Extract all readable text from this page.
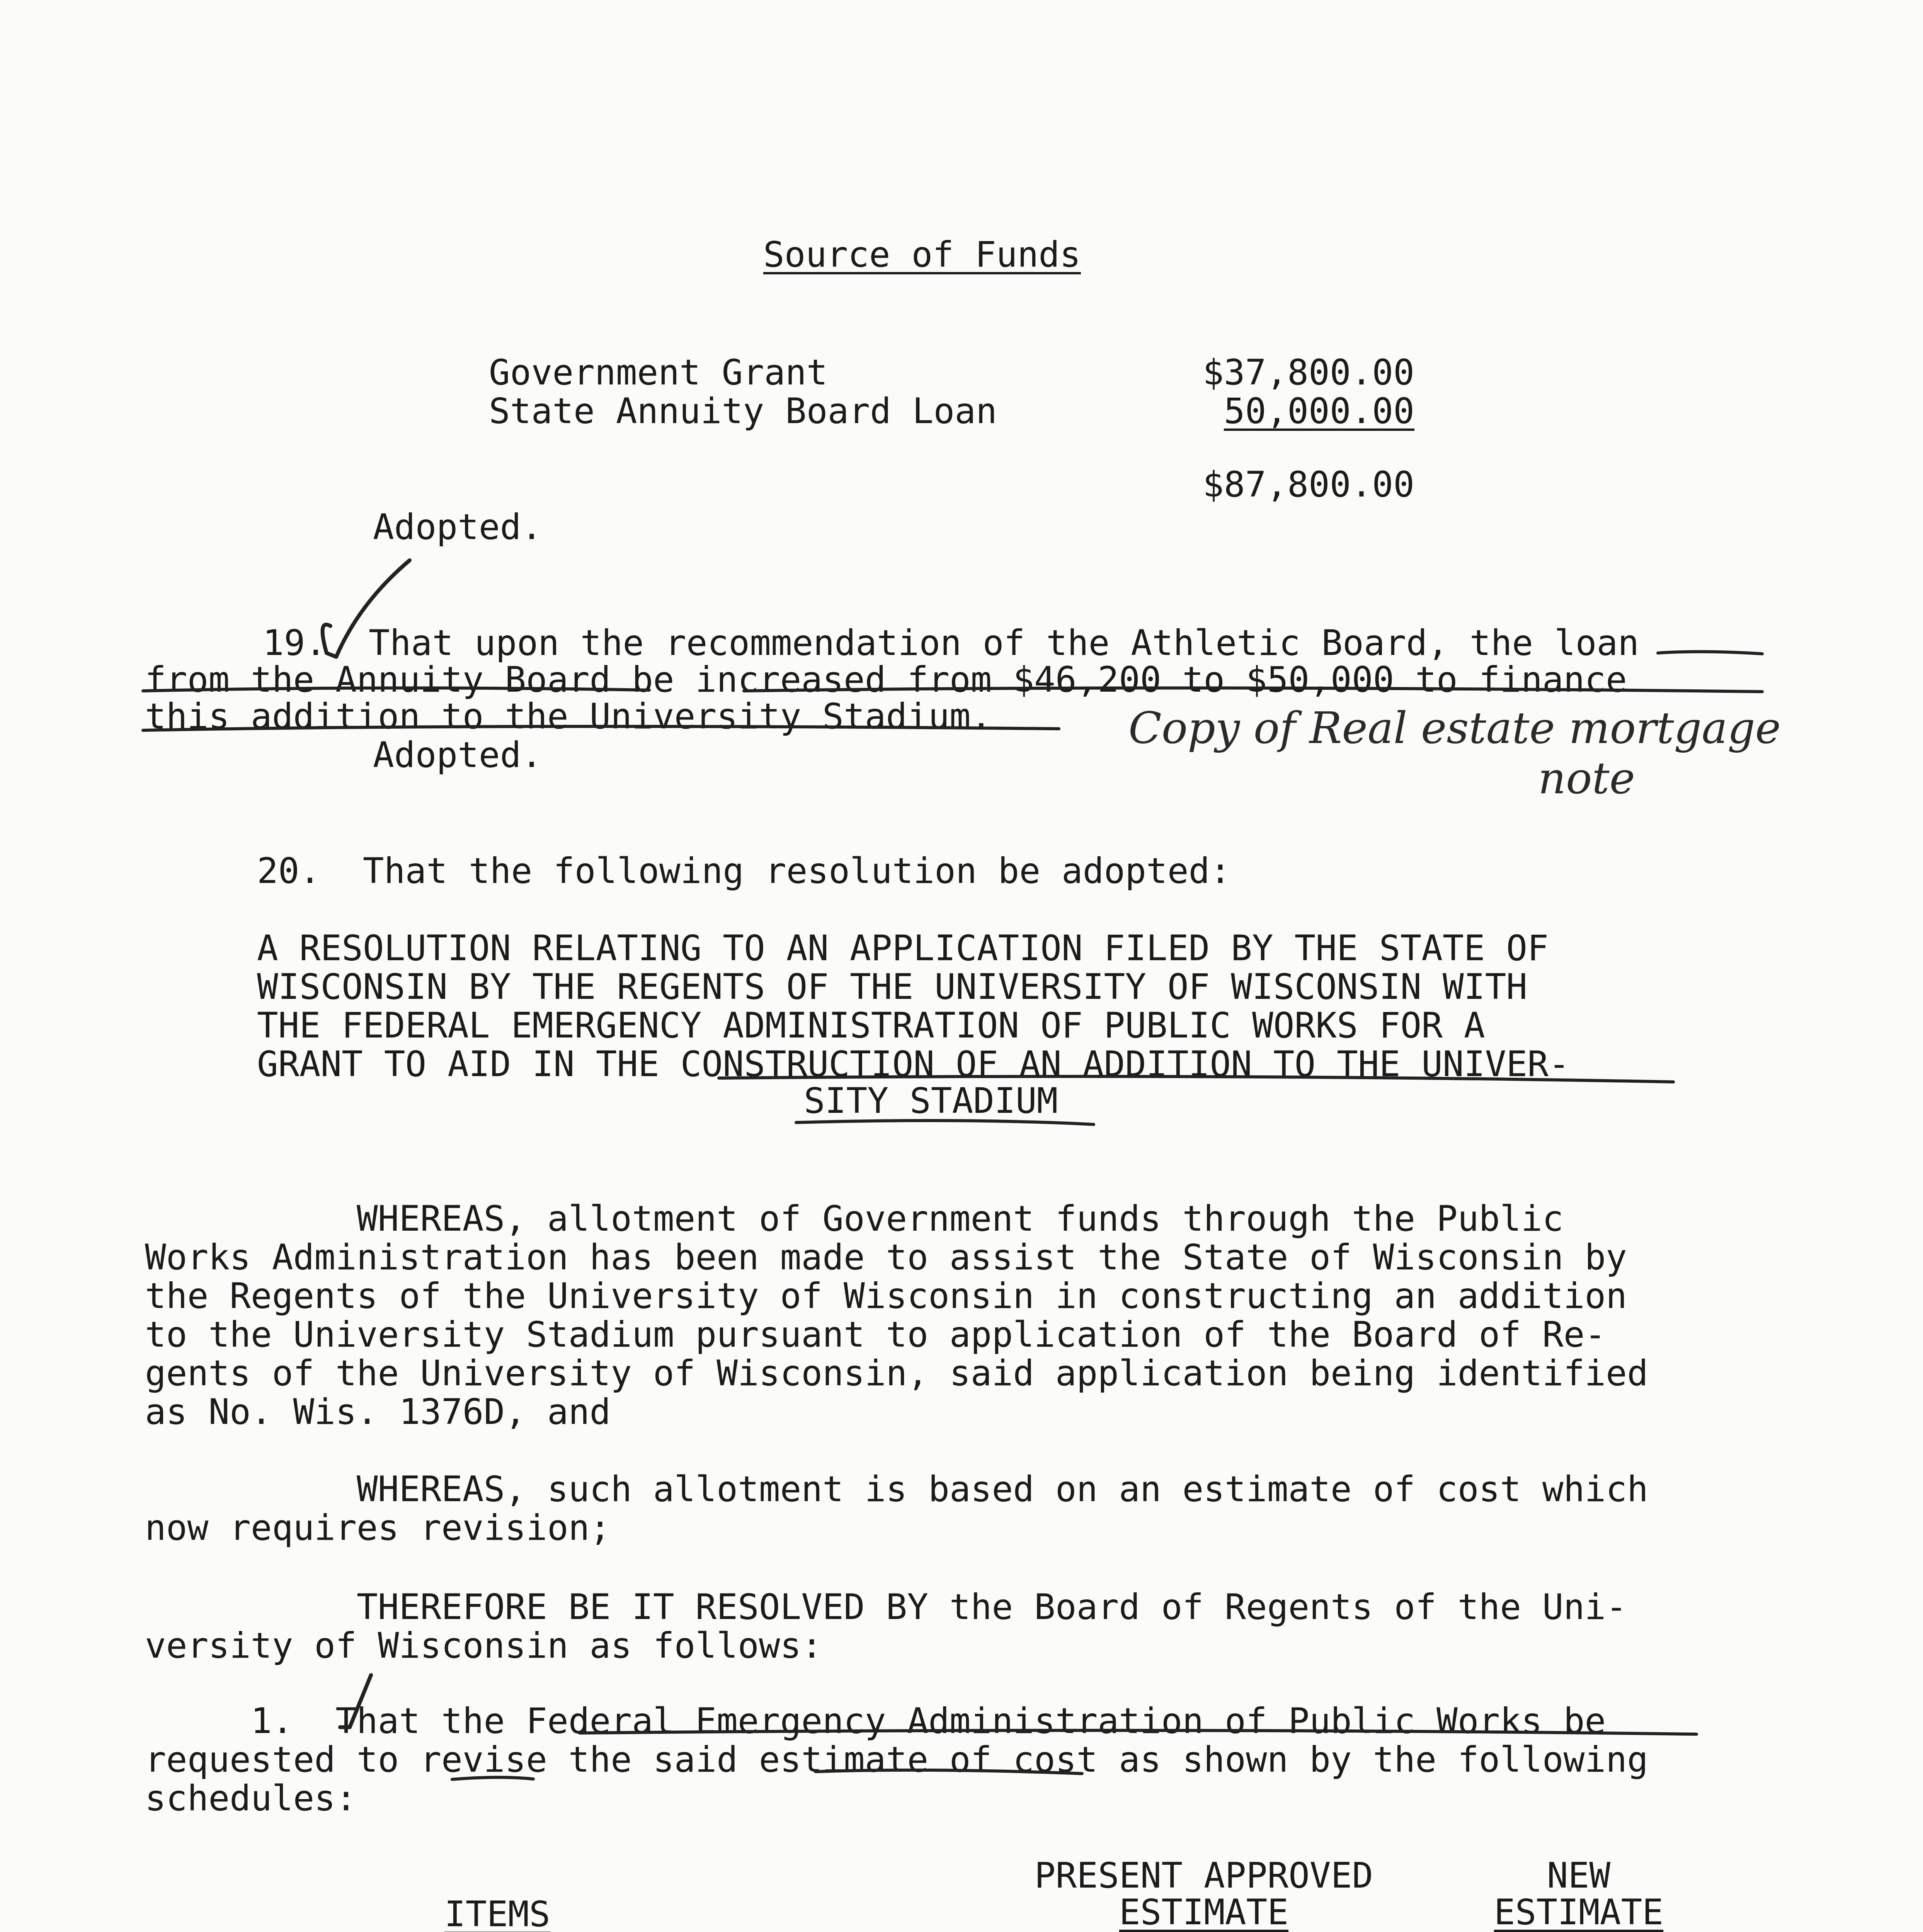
Source of Funds
Government Grant	$37,800.00
State Annuity Board Loan	50,000.00
$87,800.00
Adopted.
19.  That upon the recommendation of the Athletic Board, the loan
from the Annuity Board be increased from $46,200 to $50,000 to finance
this addition to the University Stadium.
Adopted.
Copy of Real estate mortgage
note
20.  That the following resolution be adopted:
A RESOLUTION RELATING TO AN APPLICATION FILED BY THE STATE OF
WISCONSIN BY THE REGENTS OF THE UNIVERSITY OF WISCONSIN WITH
THE FEDERAL EMERGENCY ADMINISTRATION OF PUBLIC WORKS FOR A
GRANT TO AID IN THE CONSTRUCTION OF AN ADDITION TO THE UNIVER-
SITY STADIUM
WHEREAS, allotment of Government funds through the Public
Works Administration has been made to assist the State of Wisconsin by
the Regents of the University of Wisconsin in constructing an addition
to the University Stadium pursuant to application of the Board of Re-
gents of the University of Wisconsin, said application being identified
as No. Wis. 1376D, and
WHEREAS, such allotment is based on an estimate of cost which
now requires revision;
THEREFORE BE IT RESOLVED BY the Board of Regents of the Uni-
versity of Wisconsin as follows:
1.  That the Federal Emergency Administration of Public Works be
requested to revise the said estimate of cost as shown by the following
schedules:
PRESENT APPROVED
ESTIMATE
NEW
ESTIMATE
ITEMS
